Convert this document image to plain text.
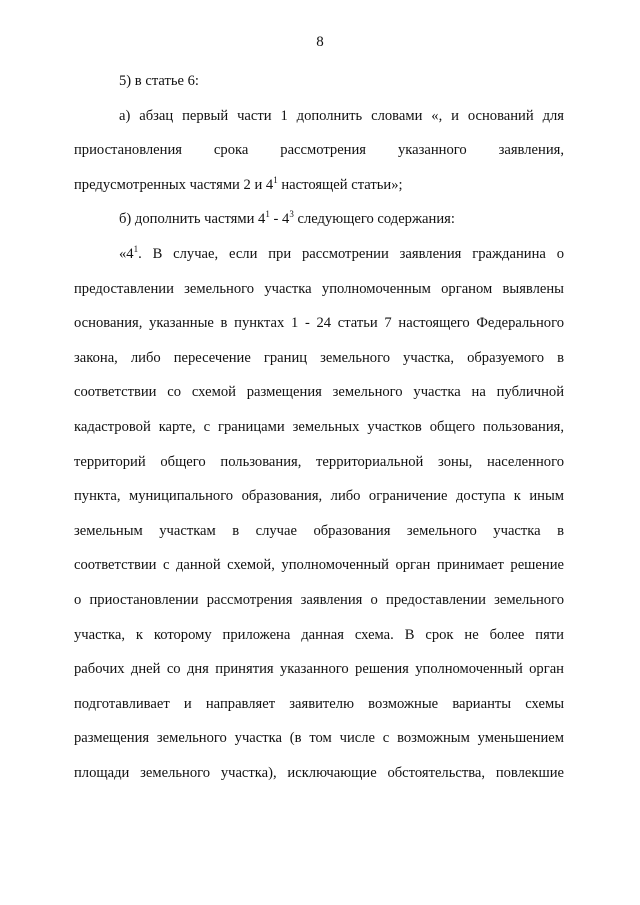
8

5) в статье 6:

а) абзац первый части 1 дополнить словами «, и оснований для
приостановления срока рассмотрения указанного заявления,
предусмотренных частями 2 и $4^1$ настоящей статьи»;

б) дополнить частями $4^1 - 4^3$ следующего содержания:

«$4^1$. В случае, если при рассмотрении заявления гражданина о
предоставлении земельного участка уполномоченным органом выявлены
основания, указанные в пунктах 1 - 24 статьи 7 настоящего Федерального
закона, либо пересечение границ земельного участка, образуемого в
соответствии со схемой размещения земельного участка на публичной
кадастровой карте, с границами земельных участков общего пользования,
территорий общего пользования, территориальной зоны, населенного
пункта, муниципального образования, либо ограничение доступа к иным
земельным участкам в случае образования земельного участка в
соответствии с данной схемой, уполномоченный орган принимает решение
о приостановлении рассмотрения заявления о предоставлении земельного
участка, к которому приложена данная схема. В срок не более пяти
рабочих дней со дня принятия указанного решения уполномоченный орган
подготавливает и направляет заявителю возможные варианты схемы
размещения земельного участка (в том числе с возможным уменьшением
площади земельного участка), исключающие обстоятельства, повлекшие
